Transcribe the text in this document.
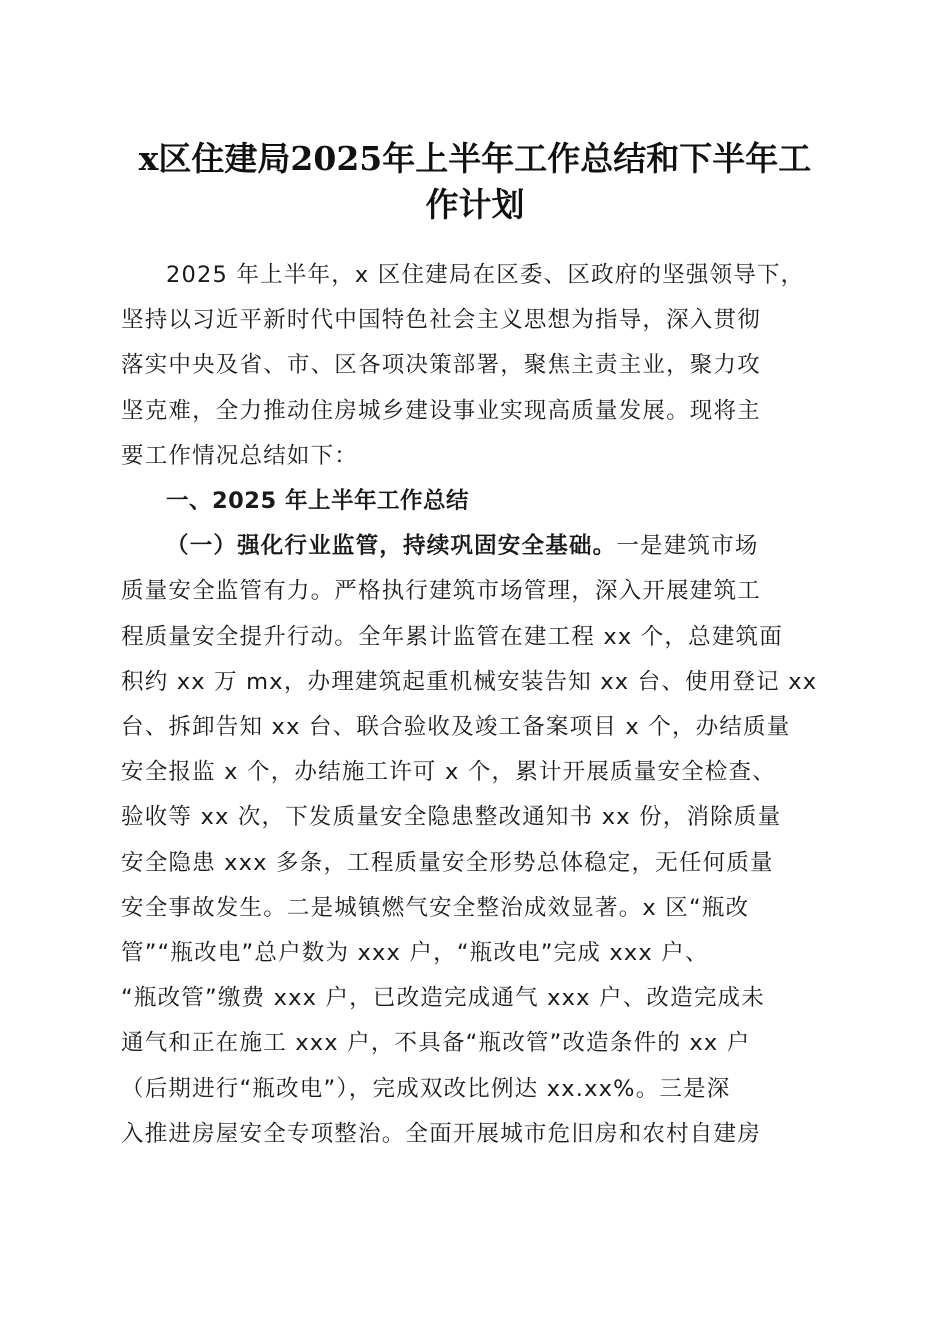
x区住建局2025年上半年工作总结和下半年工
作计划
2025 年上半年，x 区住建局在区委、区政府的坚强领导下，
坚持以习近平新时代中国特色社会主义思想为指导，深入贯彻
落实中央及省、市、区各项决策部署，聚焦主责主业，聚力攻
坚克难，全力推动住房城乡建设事业实现高质量发展。现将主
要工作情况总结如下：
一、2025 年上半年工作总结
（一）强化行业监管，持续巩固安全基础。一是建筑市场
质量安全监管有力。严格执行建筑市场管理，深入开展建筑工
程质量安全提升行动。全年累计监管在建工程 xx 个，总建筑面
积约 xx 万 mx，办理建筑起重机械安装告知 xx 台、使用登记 xx
台、拆卸告知 xx 台、联合验收及竣工备案项目 x 个，办结质量
安全报监 x 个，办结施工许可 x 个，累计开展质量安全检查、
验收等 xx 次，下发质量安全隐患整改通知书 xx 份，消除质量
安全隐患 xxx 多条，工程质量安全形势总体稳定，无任何质量
安全事故发生。二是城镇燃气安全整治成效显著。x 区“瓶改
管”“瓶改电”总户数为 xxx 户，“瓶改电”完成 xxx 户、
“瓶改管”缴费 xxx 户，已改造完成通气 xxx 户、改造完成未
通气和正在施工 xxx 户，不具备“瓶改管”改造条件的 xx 户
（后期进行“瓶改电”），完成双改比例达 xx.xx%。三是深
入推进房屋安全专项整治。全面开展城市危旧房和农村自建房
